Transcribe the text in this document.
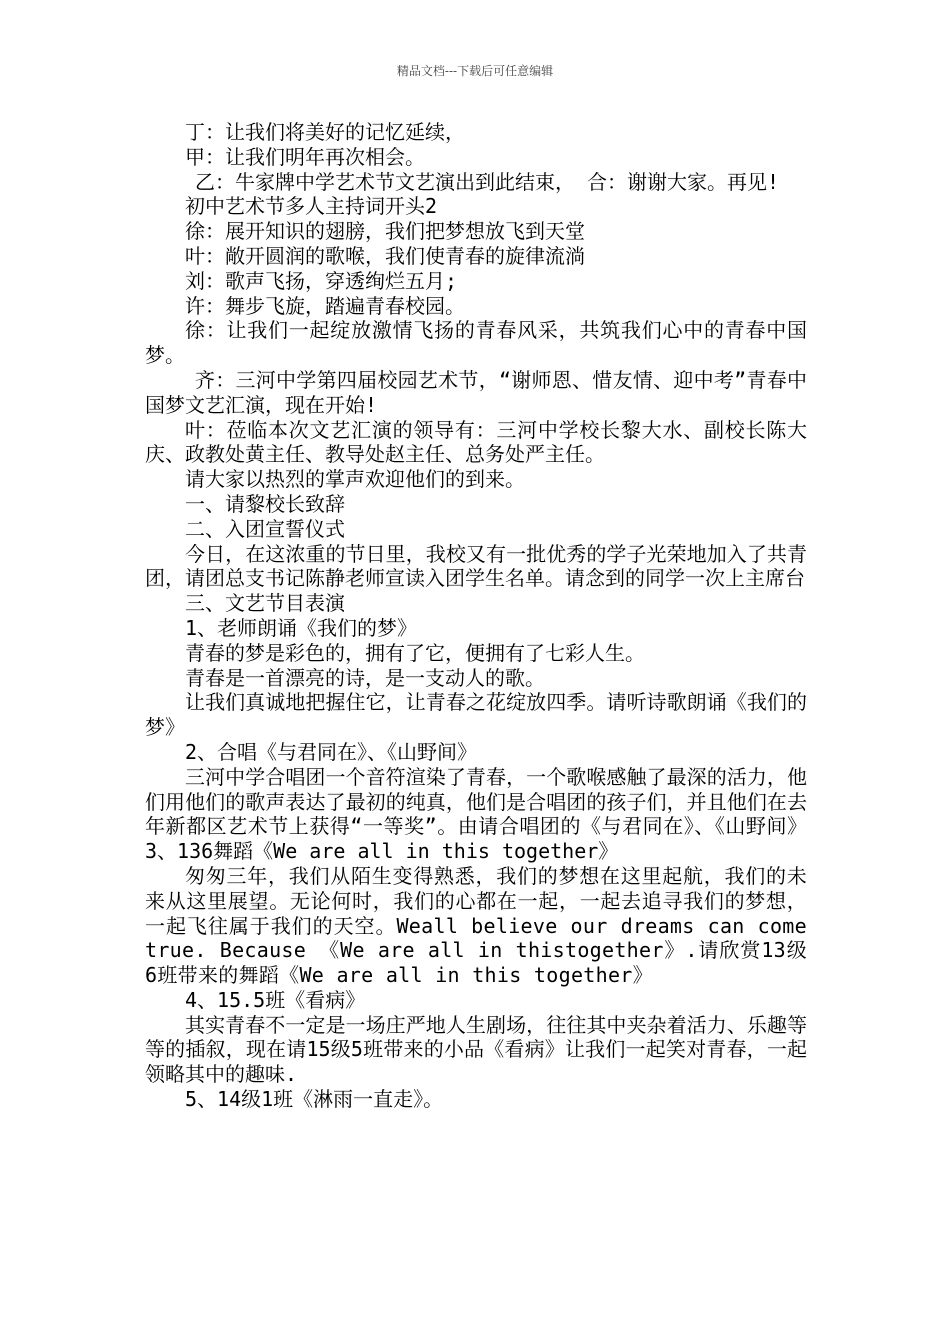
精品文档---下载后可任意编辑

丁：让我们将美好的记忆延续，

甲：让我们明年再次相会。

乙：牛家牌中学艺术节文艺演出到此结束， 合：谢谢大家。再见!

初中艺术节多人主持词开头2

徐：展开知识的翅膀，我们把梦想放飞到天堂

叶：敞开圆润的歌喉，我们使青春的旋律流淌

刘：歌声飞扬，穿透绚烂五月;

许：舞步飞旋，踏遍青春校园。

徐：让我们一起绽放激情飞扬的青春风采，共筑我们心中的青春中国梦。

齐：三河中学第四届校园艺术节，“谢师恩、惜友情、迎中考”青春中国梦文艺汇演，现在开始!

叶：莅临本次文艺汇演的领导有：三河中学校长黎大水、副校长陈大庆、政教处黄主任、教导处赵主任、总务处严主任。

请大家以热烈的掌声欢迎他们的到来。

一、请黎校长致辞

二、入团宣誓仪式

今日，在这浓重的节日里，我校又有一批优秀的学子光荣地加入了共青团，请团总支书记陈静老师宣读入团学生名单。请念到的同学一次上主席台

三、文艺节目表演

1、老师朗诵《我们的梦》

青春的梦是彩色的，拥有了它，便拥有了七彩人生。

青春是一首漂亮的诗，是一支动人的歌。

让我们真诚地把握住它，让青春之花绽放四季。请听诗歌朗诵《我们的梦》

2、合唱《与君同在》、《山野间》

三河中学合唱团一个音符渲染了青春，一个歌喉感触了最深的活力，他们用他们的歌声表达了最初的纯真，他们是合唱团的孩子们，并且他们在去年新都区艺术节上获得“一等奖”。由请合唱团的《与君同在》、《山野间》3、136舞蹈《We are all in this together》

匆匆三年，我们从陌生变得熟悉，我们的梦想在这里起航，我们的未来从这里展望。无论何时，我们的心都在一起，一起去追寻我们的梦想，一起飞往属于我们的天空。Weall believe our dreams can come true. Because 《We are all in thistogether》.请欣赏13级6班带来的舞蹈《We are all in this together》

4、15.5班《看病》

其实青春不一定是一场庄严地人生剧场，往往其中夹杂着活力、乐趣等等的插叙，现在请15级5班带来的小品《看病》让我们一起笑对青春，一起领略其中的趣味.

5、14级1班《淋雨一直走》。
